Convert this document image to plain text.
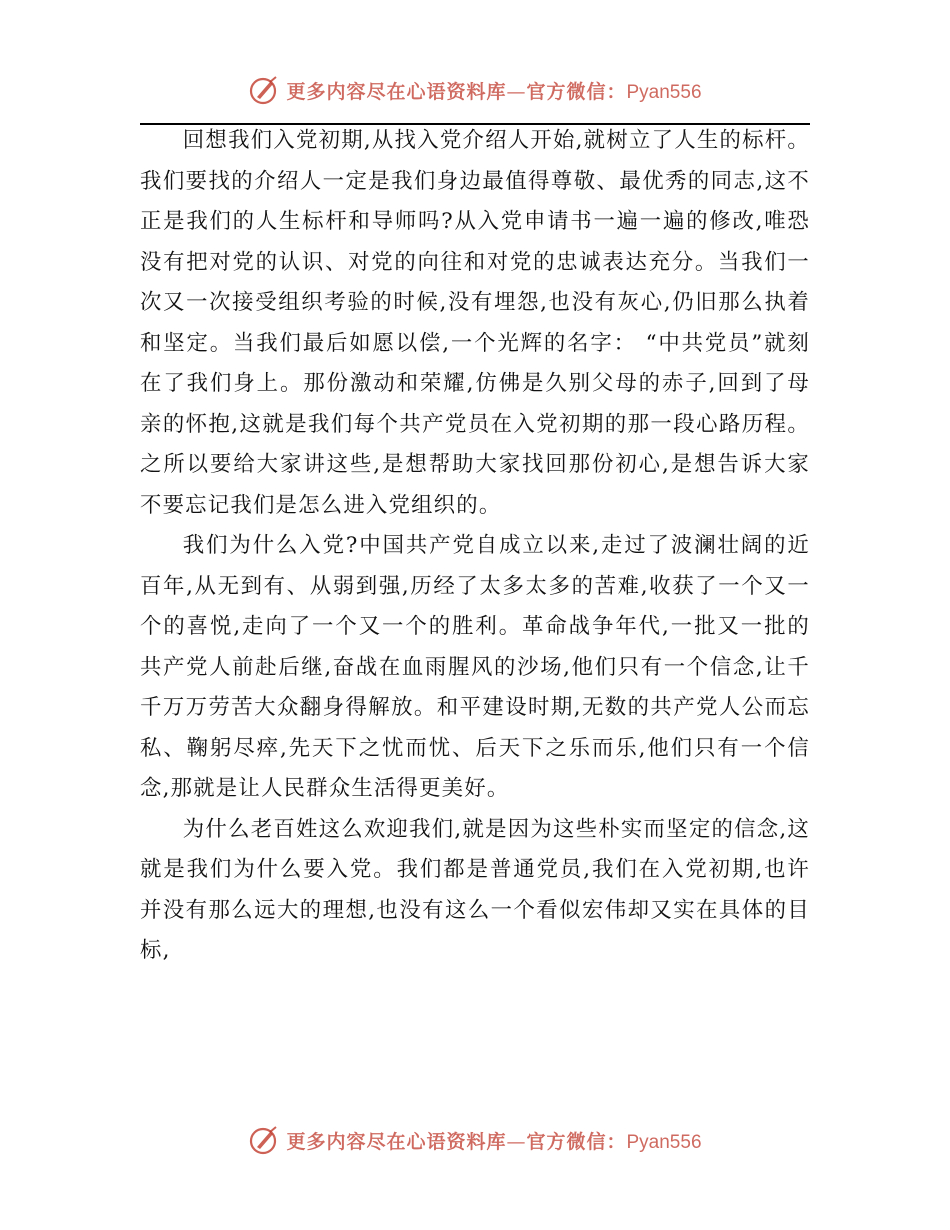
更多内容尽在心语资料库—官方微信：Pyan556

回想我们入党初期,从找入党介绍人开始,就树立了人生的标杆。我们要找的介绍人一定是我们身边最值得尊敬、最优秀的同志,这不正是我们的人生标杆和导师吗?从入党申请书一遍一遍的修改,唯恐没有把对党的认识、对党的向往和对党的忠诚表达充分。当我们一次又一次接受组织考验的时候,没有埋怨,也没有灰心,仍旧那么执着和坚定。当我们最后如愿以偿,一个光辉的名字： “中共党员”就刻在了我们身上。那份激动和荣耀,仿佛是久别父母的赤子,回到了母亲的怀抱,这就是我们每个共产党员在入党初期的那一段心路历程。之所以要给大家讲这些,是想帮助大家找回那份初心,是想告诉大家不要忘记我们是怎么进入党组织的。

我们为什么入党?中国共产党自成立以来,走过了波澜壮阔的近百年,从无到有、从弱到强,历经了太多太多的苦难,收获了一个又一个的喜悦,走向了一个又一个的胜利。革命战争年代,一批又一批的共产党人前赴后继,奋战在血雨腥风的沙场,他们只有一个信念,让千千万万劳苦大众翻身得解放。和平建设时期,无数的共产党人公而忘私、鞠躬尽瘁,先天下之忧而忧、后天下之乐而乐,他们只有一个信念,那就是让人民群众生活得更美好。

为什么老百姓这么欢迎我们,就是因为这些朴实而坚定的信念,这就是我们为什么要入党。我们都是普通党员,我们在入党初期,也许并没有那么远大的理想,也没有这么一个看似宏伟却又实在具体的目标,

更多内容尽在心语资料库—官方微信：Pyan556
